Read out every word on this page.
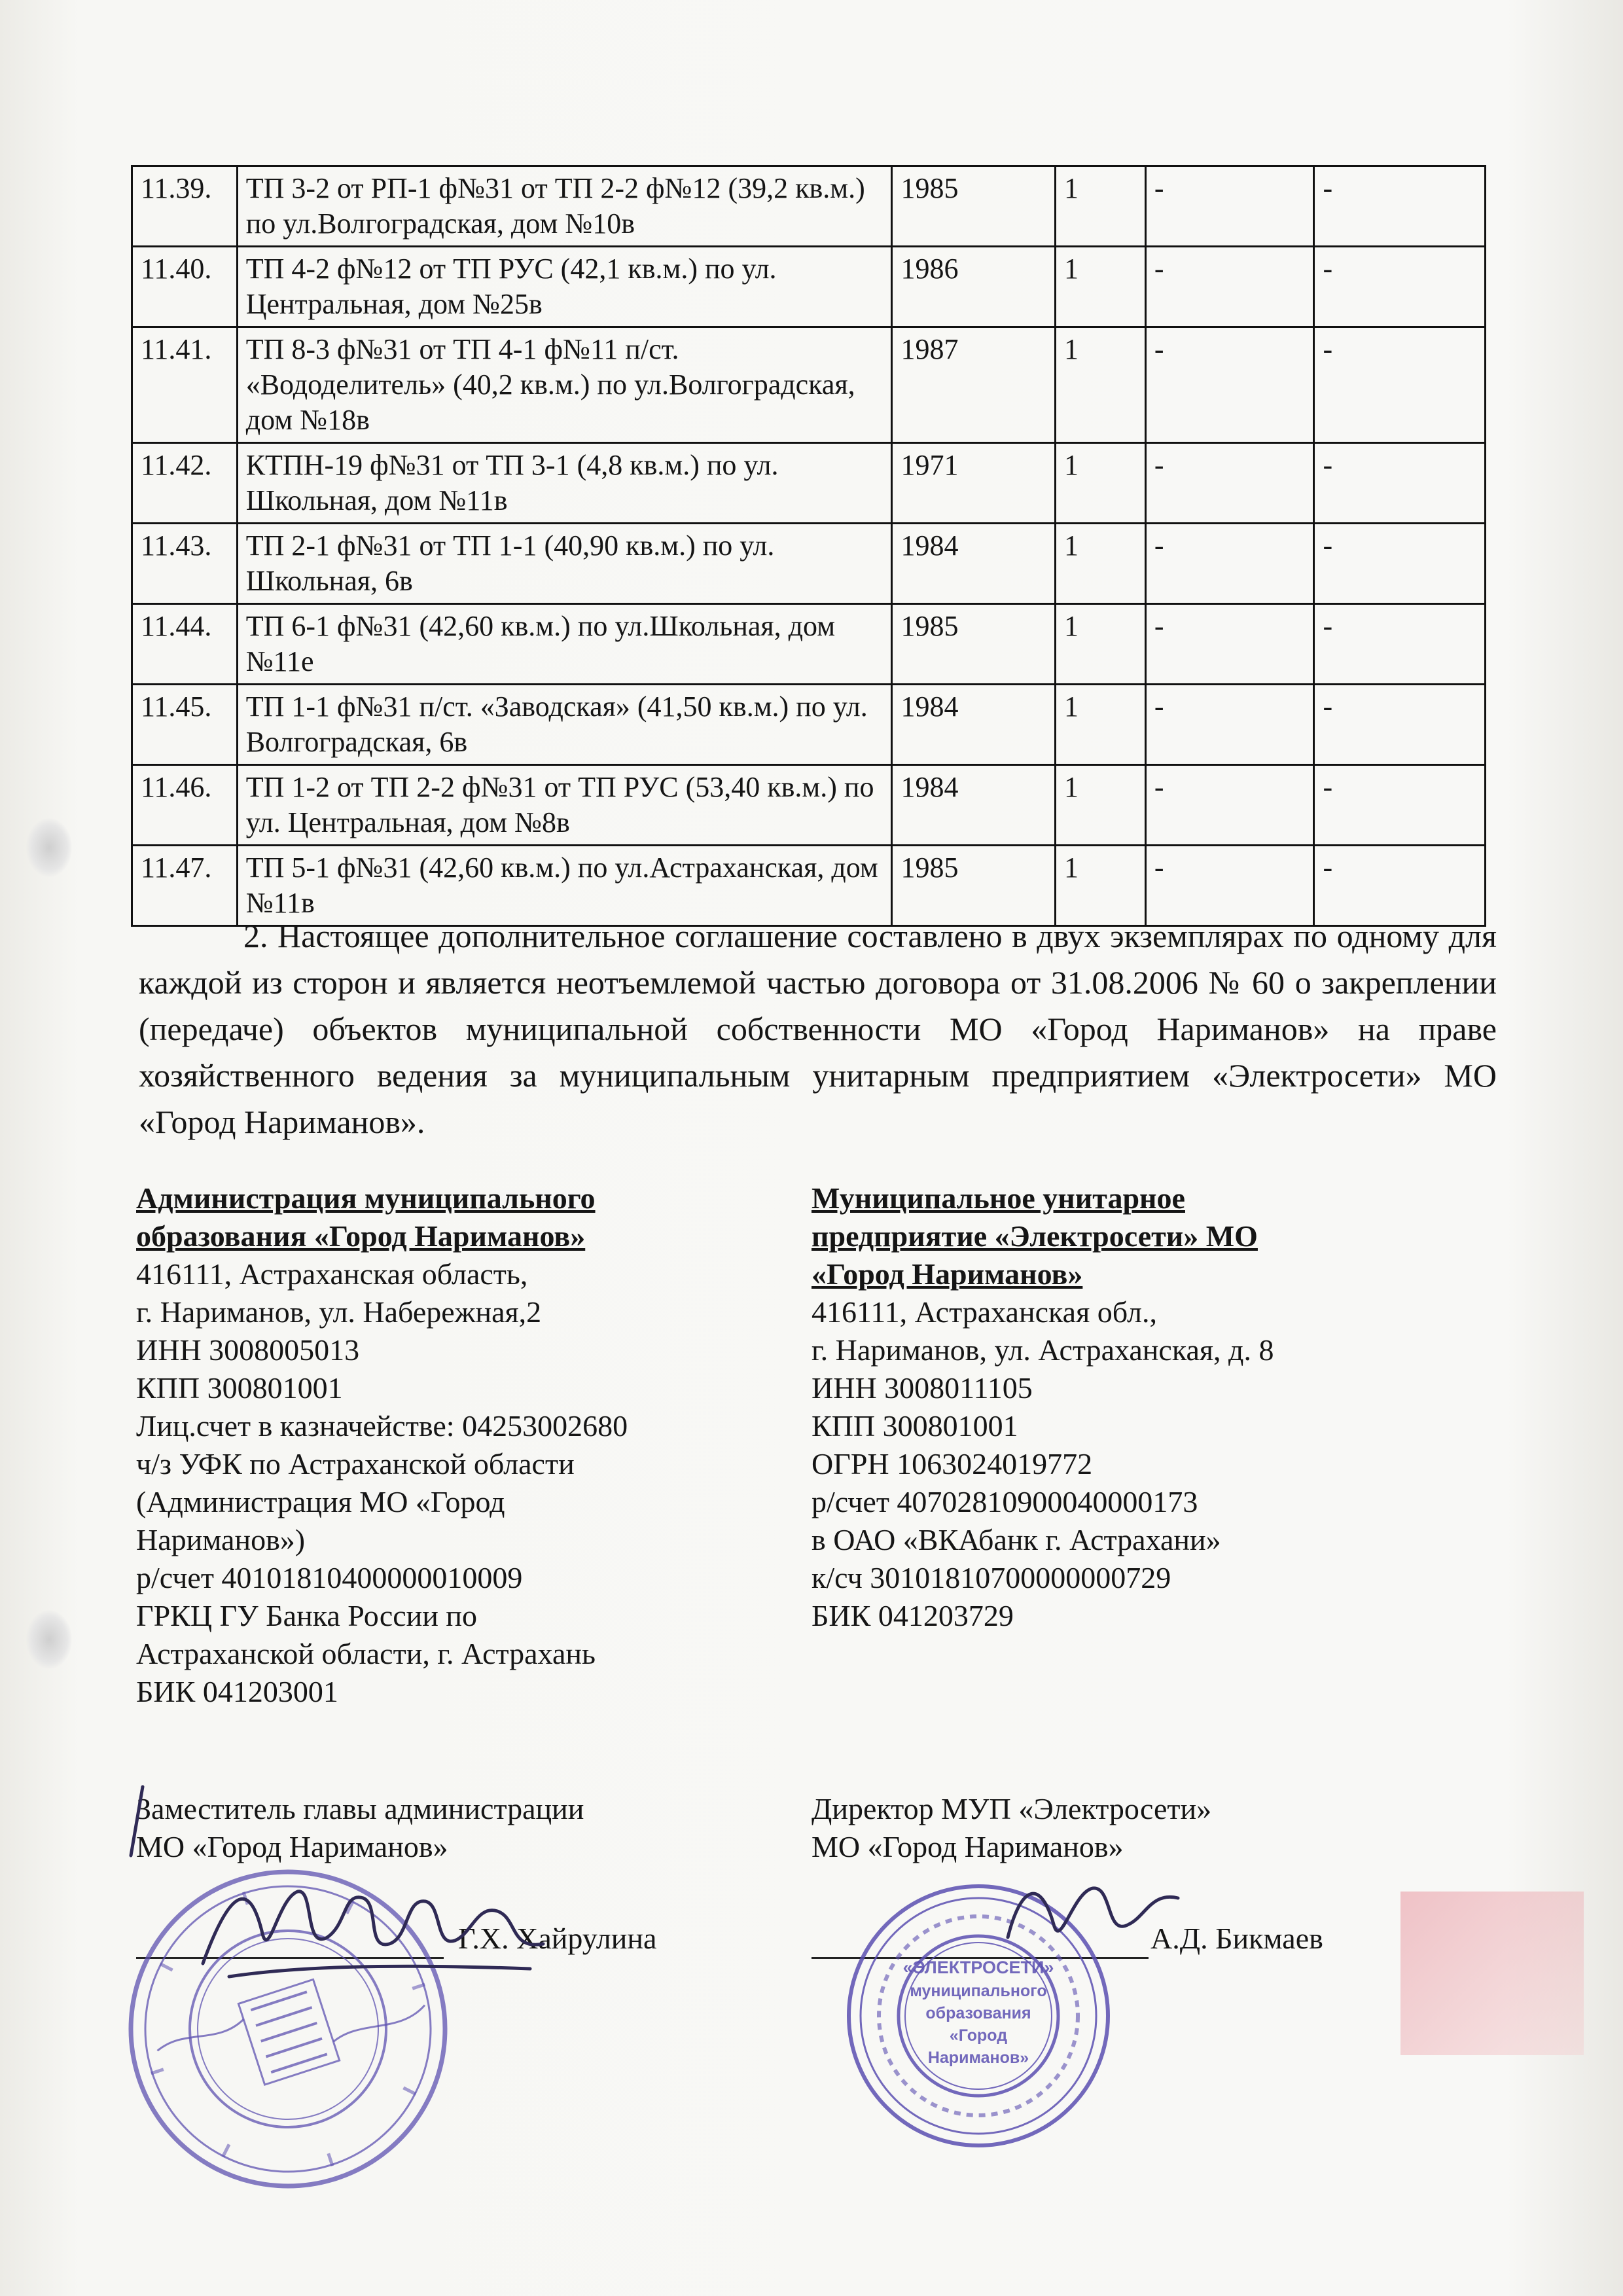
11.39.	ТП 3-2 от РП-1 ф№31 от ТП 2-2 ф№12 (39,2 кв.м.) по ул.Волгоградская, дом №10в	1985	1	-	-
11.40.	ТП 4-2 ф№12 от ТП РУС (42,1 кв.м.) по ул. Центральная, дом №25в	1986	1	-	-
11.41.	ТП 8-3 ф№31 от ТП 4-1 ф№11 п/ст. «Вододелитель» (40,2 кв.м.) по ул.Волгоградская, дом №18в	1987	1	-	-
11.42.	КТПН-19 ф№31 от ТП 3-1 (4,8 кв.м.) по ул. Школьная, дом №11в	1971	1	-	-
11.43.	ТП 2-1 ф№31 от ТП 1-1 (40,90 кв.м.) по ул. Школьная, 6в	1984	1	-	-
11.44.	ТП 6-1 ф№31 (42,60 кв.м.) по ул.Школьная, дом №11е	1985	1	-	-
11.45.	ТП 1-1 ф№31 п/ст. «Заводская» (41,50 кв.м.) по ул. Волгоградская, 6в	1984	1	-	-
11.46.	ТП 1-2 от ТП 2-2 ф№31 от ТП РУС (53,40 кв.м.) по ул. Центральная, дом №8в	1984	1	-	-
11.47.	ТП 5-1 ф№31 (42,60 кв.м.) по ул.Астраханская, дом №11в	1985	1	-	-
2. Настоящее дополнительное соглашение составлено в двух экземплярах по одному для каждой из сторон и является неотъемлемой частью договора от 31.08.2006 № 60 о закреплении (передаче) объектов муниципальной собственности МО «Город Нариманов» на праве хозяйственного ведения за муниципальным унитарным предприятием «Электросети» МО «Город Нариманов».
Администрация муниципального
образования «Город Нариманов»
416111, Астраханская область,
г. Нариманов, ул. Набережная,2
ИНН 3008005013
КПП 300801001
Лиц.счет в казначействе: 04253002680
ч/з УФК по Астраханской области
(Администрация МО «Город
Нариманов»)
р/счет 40101810400000010009
ГРКЦ ГУ Банка России по
Астраханской области, г. Астрахань
БИК 041203001
Муниципальное унитарное
предприятие «Электросети» МО
«Город Нариманов»
416111, Астраханская обл.,
г. Нариманов, ул. Астраханская, д. 8
ИНН 3008011105
КПП 300801001
ОГРН 1063024019772
р/счет 40702810900040000173
в ОАО «ВКАбанк г. Астрахани»
к/сч 30101810700000000729
БИК 041203729
Заместитель главы администрации
МО «Город Нариманов»
Г.Х. Хайрулина
Директор МУП «Электросети»
МО «Город Нариманов»
А.Д. Бикмаев
«ЭЛЕКТРОСЕТИ»
муниципального
образования
«Город
Нариманов»
